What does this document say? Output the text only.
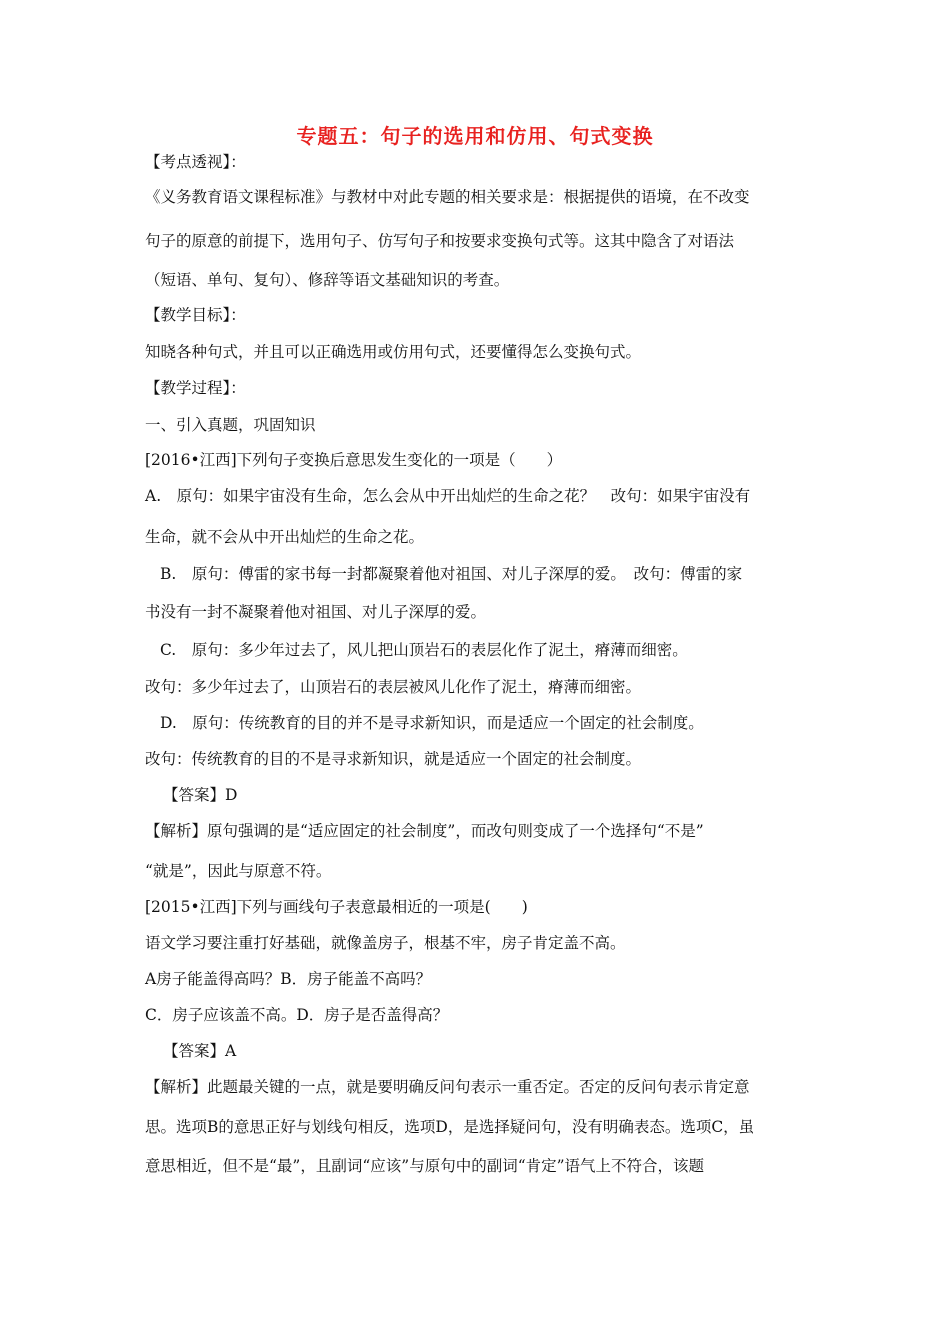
专题五：句子的选用和仿用、句式变换
【考点透视】：
《义务教育语文课程标准》与教材中对此专题的相关要求是：根据提供的语境，在不改变
句子的原意的前提下，选用句子、仿写句子和按要求变换句式等。这其中隐含了对语法
（短语、单句、复句）、修辞等语文基础知识的考查。
【教学目标】：
知晓各种句式，并且可以正确选用或仿用句式，还要懂得怎么变换句式。
【教学过程】：
一、引入真题，巩固知识
[2016•江西]下列句子变换后意思发生变化的一项是（　　）
A.　原句：如果宇宙没有生命，怎么会从中开出灿烂的生命之花？　改句：如果宇宙没有
生命，就不会从中开出灿烂的生命之花。
B.　原句：傅雷的家书每一封都凝聚着他对祖国、对儿子深厚的爱。　改句：傅雷的家
书没有一封不凝聚着他对祖国、对儿子深厚的爱。
C.　原句：多少年过去了，风儿把山顶岩石的表层化作了泥土，瘠薄而细密。
改句：多少年过去了，山顶岩石的表层被风儿化作了泥土，瘠薄而细密。
D.　原句：传统教育的目的并不是寻求新知识，而是适应一个固定的社会制度。
改句：传统教育的目的不是寻求新知识，就是适应一个固定的社会制度。
【答案】D
【解析】原句强调的是“适应固定的社会制度”，而改句则变成了一个选择句“不是”
“就是”，因此与原意不符。
[2015•江西]下列与画线句子表意最相近的一项是(　　)
语文学习要注重打好基础，就像盖房子，根基不牢，房子肯定盖不高。
A房子能盖得高吗？B．房子能盖不高吗？
C．房子应该盖不高。D．房子是否盖得高？
【答案】A
【解析】此题最关键的一点，就是要明确反问句表示一重否定。否定的反问句表示肯定意
思。选项B的意思正好与划线句相反，选项D，是选择疑问句，没有明确表态。选项C，虽
意思相近，但不是“最”，且副词“应该”与原句中的副词“肯定”语气上不符合，该题
